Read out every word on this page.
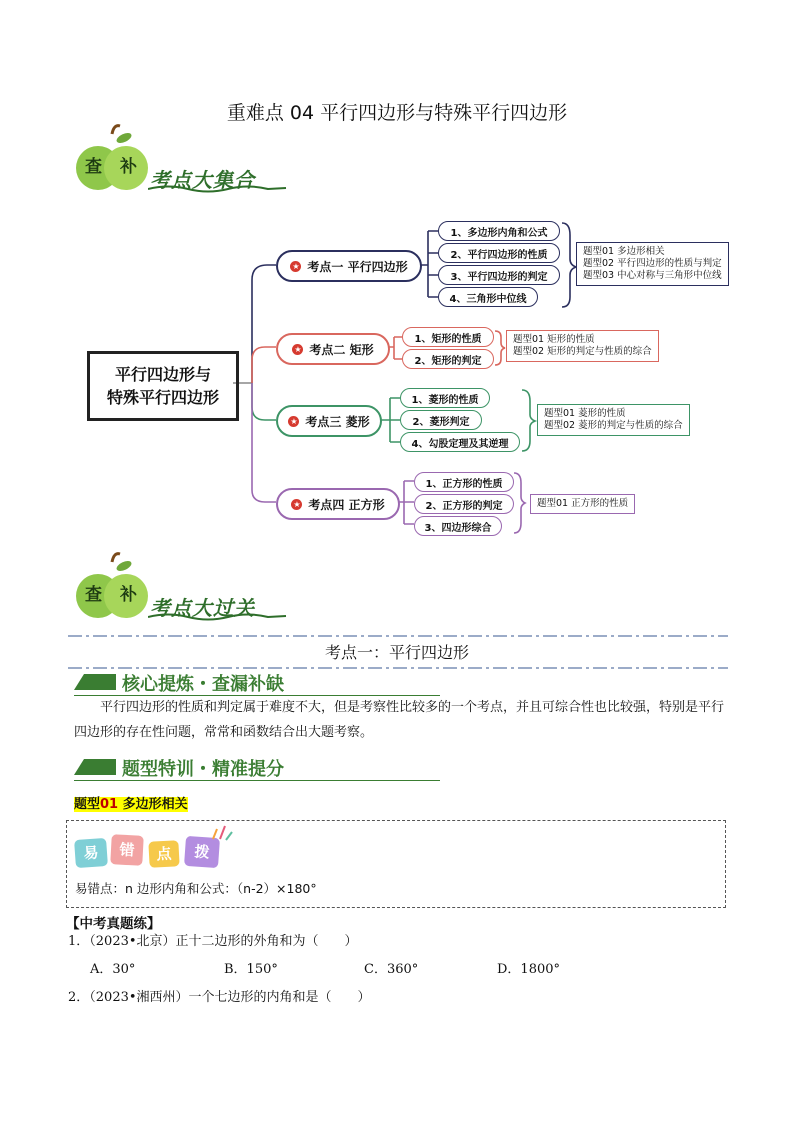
重难点 04 平行四边形与特殊平行四边形
查 补
考点大集合
平行四边形与
特殊平行四边形
★ 考点一 平行四边形
★ 考点二 矩形
★ 考点三 菱形
★ 考点四 正方形
1、多边形内角和公式
2、平行四边形的性质
3、平行四边形的判定
4、三角形中位线
题型01 多边形相关
题型02 平行四边形的性质与判定
题型03 中心对称与三角形中位线
1、矩形的性质
2、矩形的判定
题型01 矩形的性质
题型02 矩形的判定与性质的综合
1、菱形的性质
2、菱形判定
4、勾股定理及其逆理
题型01 菱形的性质
题型02 菱形的判定与性质的综合
1、正方形的性质
2、正方形的判定
3、四边形综合
题型01 正方形的性质
查 补
考点大过关
考点一：平行四边形
核心提炼・查漏补缺
平行四边形的性质和判定属于难度不大，但是考察性比较多的一个考点，并且可综合性也比较强，特别是平行四边形的存在性问题，常常和函数结合出大题考察。
题型特训・精准提分
题型01 多边形相关
易	错	点	拨
易错点：n 边形内角和公式：（n-2）×180°
【中考真题练】
1．（2023•北京）正十二边形的外角和为（　　）
A．30°	B．150°	C．360°	D．1800°
2．（2023•湘西州）一个七边形的内角和是（　　）
